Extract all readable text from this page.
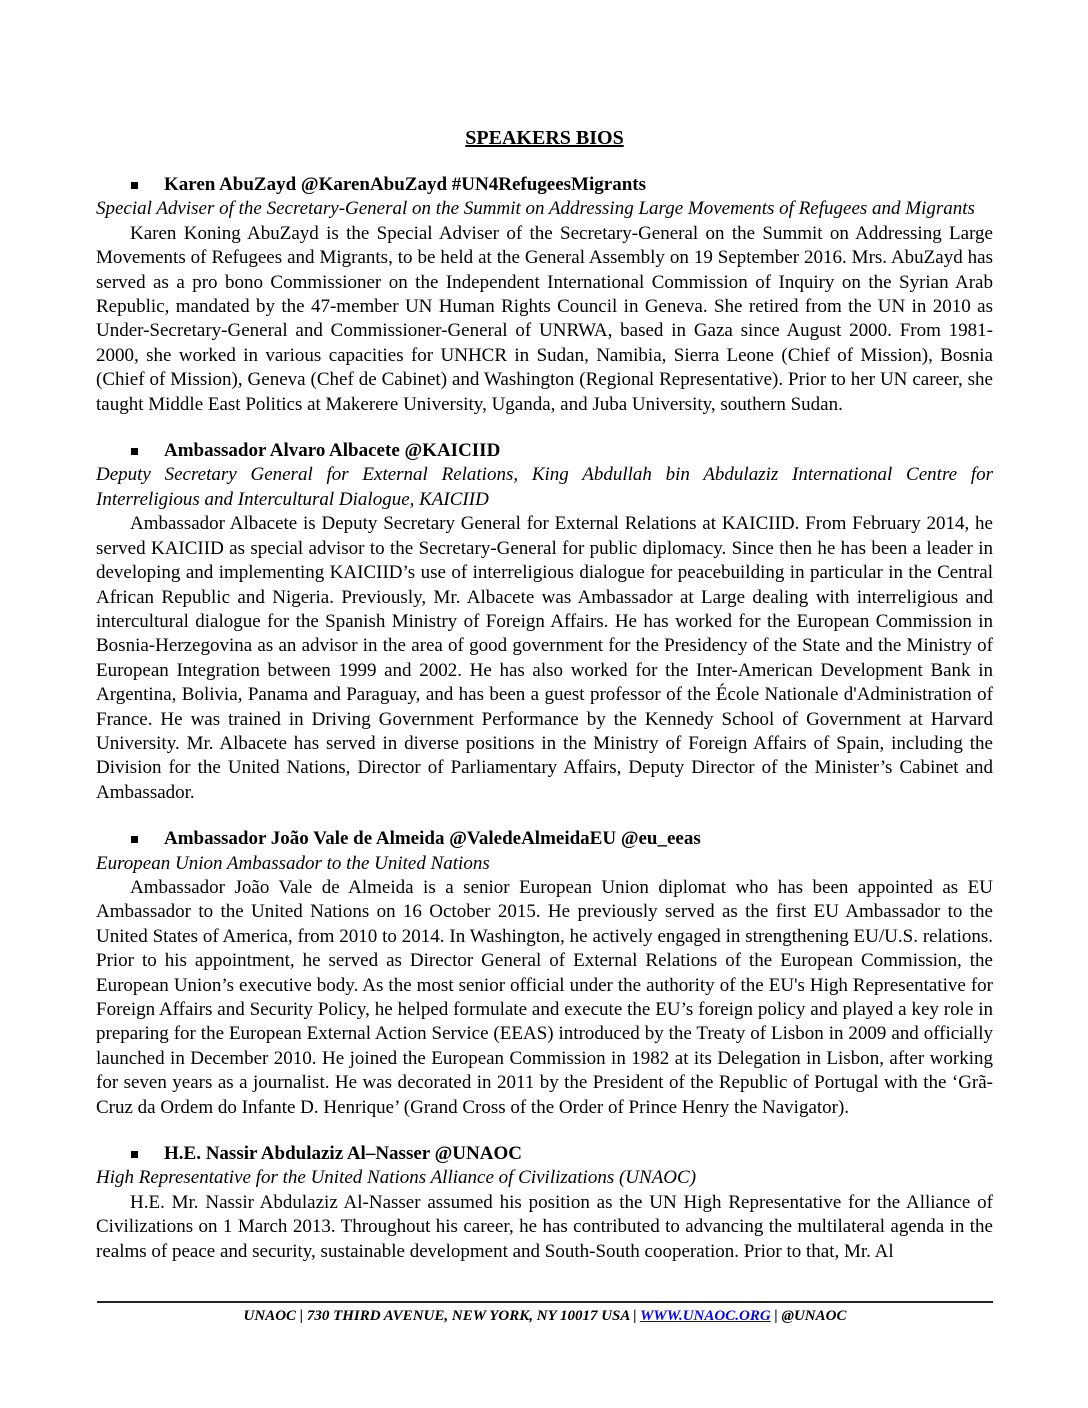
SPEAKERS BIOS
Karen AbuZayd @KarenAbuZayd #UN4RefugeesMigrants
Special Adviser of the Secretary-General on the Summit on Addressing Large Movements of Refugees and Migrants

Karen Koning AbuZayd is the Special Adviser of the Secretary-General on the Summit on Addressing Large Movements of Refugees and Migrants, to be held at the General Assembly on 19 September 2016. Mrs. AbuZayd has served as a pro bono Commissioner on the Independent International Commission of Inquiry on the Syrian Arab Republic, mandated by the 47-member UN Human Rights Council in Geneva. She retired from the UN in 2010 as Under-Secretary-General and Commissioner-General of UNRWA, based in Gaza since August 2000. From 1981-2000, she worked in various capacities for UNHCR in Sudan, Namibia, Sierra Leone (Chief of Mission), Bosnia (Chief of Mission), Geneva (Chef de Cabinet) and Washington (Regional Representative). Prior to her UN career, she taught Middle East Politics at Makerere University, Uganda, and Juba University, southern Sudan.

Ambassador Alvaro Albacete @KAICIID
Deputy Secretary General for External Relations, King Abdullah bin Abdulaziz International Centre for Interreligious and Intercultural Dialogue, KAICIID

Ambassador Albacete is Deputy Secretary General for External Relations at KAICIID. From February 2014, he served KAICIID as special advisor to the Secretary-General for public diplomacy. Since then he has been a leader in developing and implementing KAICIID’s use of interreligious dialogue for peacebuilding in particular in the Central African Republic and Nigeria. Previously, Mr. Albacete was Ambassador at Large dealing with interreligious and intercultural dialogue for the Spanish Ministry of Foreign Affairs. He has worked for the European Commission in Bosnia-Herzegovina as an advisor in the area of good government for the Presidency of the State and the Ministry of European Integration between 1999 and 2002. He has also worked for the Inter-American Development Bank in Argentina, Bolivia, Panama and Paraguay, and has been a guest professor of the École Nationale d'Administration of France. He was trained in Driving Government Performance by the Kennedy School of Government at Harvard University. Mr. Albacete has served in diverse positions in the Ministry of Foreign Affairs of Spain, including the Division for the United Nations, Director of Parliamentary Affairs, Deputy Director of the Minister’s Cabinet and Ambassador.

Ambassador João Vale de Almeida @ValedeAlmeidaEU @eu_eeas
European Union Ambassador to the United Nations

Ambassador João Vale de Almeida is a senior European Union diplomat who has been appointed as EU Ambassador to the United Nations on 16 October 2015. He previously served as the first EU Ambassador to the United States of America, from 2010 to 2014. In Washington, he actively engaged in strengthening EU/U.S. relations. Prior to his appointment, he served as Director General of External Relations of the European Commission, the European Union’s executive body. As the most senior official under the authority of the EU's High Representative for Foreign Affairs and Security Policy, he helped formulate and execute the EU’s foreign policy and played a key role in preparing for the European External Action Service (EEAS) introduced by the Treaty of Lisbon in 2009 and officially launched in December 2010. He joined the European Commission in 1982 at its Delegation in Lisbon, after working for seven years as a journalist. He was decorated in 2011 by the President of the Republic of Portugal with the ‘Grã-Cruz da Ordem do Infante D. Henrique’ (Grand Cross of the Order of Prince Henry the Navigator).

H.E. Nassir Abdulaziz Al–Nasser @UNAOC
High Representative for the United Nations Alliance of Civilizations (UNAOC)

H.E. Mr. Nassir Abdulaziz Al-Nasser assumed his position as the UN High Representative for the Alliance of Civilizations on 1 March 2013. Throughout his career, he has contributed to advancing the multilateral agenda in the realms of peace and security, sustainable development and South-South cooperation. Prior to that, Mr. Al

UNAOC | 730 THIRD AVENUE, NEW YORK, NY 10017 USA | WWW.UNAOC.ORG | @UNAOC
